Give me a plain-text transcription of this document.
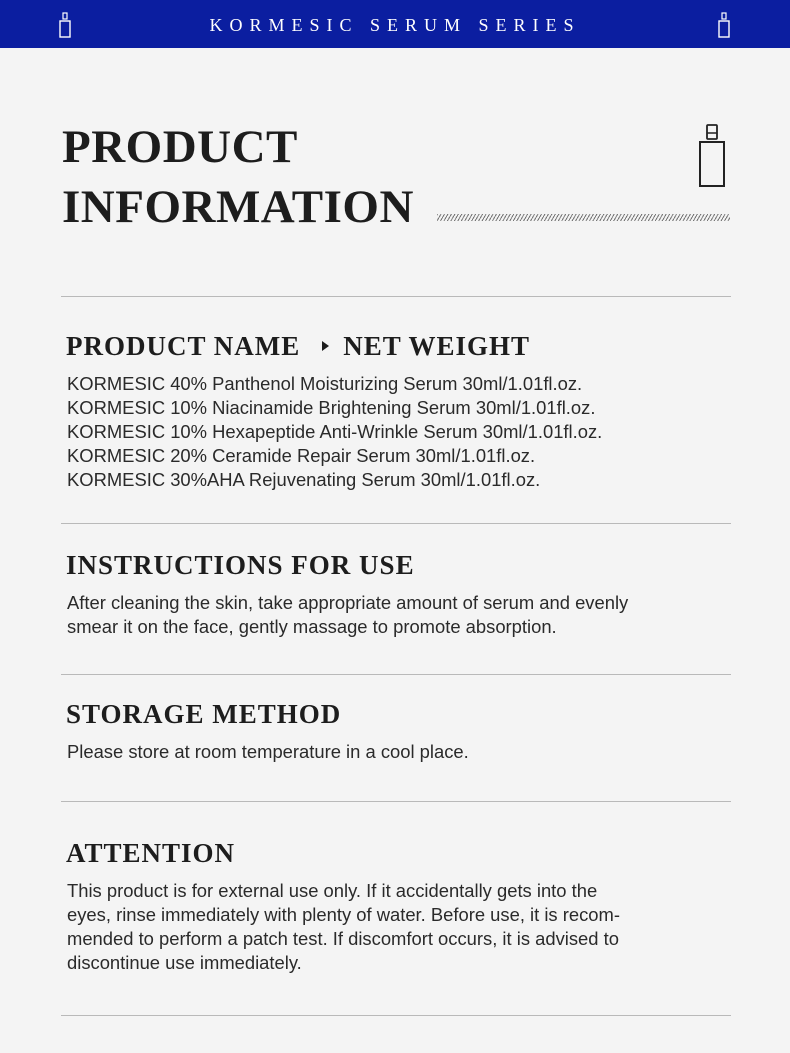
KORMESIC SERUM SERIES
PRODUCT
INFORMATION
PRODUCT NAME NET WEIGHT
KORMESIC 40% Panthenol Moisturizing Serum 30ml/1.01fl.oz.
KORMESIC 10% Niacinamide Brightening Serum 30ml/1.01fl.oz.
KORMESIC 10% Hexapeptide Anti-Wrinkle Serum 30ml/1.01fl.oz.
KORMESIC 20% Ceramide Repair Serum 30ml/1.01fl.oz.
KORMESIC 30%AHA Rejuvenating Serum 30ml/1.01fl.oz.
INSTRUCTIONS FOR USE
After cleaning the skin, take appropriate amount of serum and evenly
smear it on the face, gently massage to promote absorption.
STORAGE METHOD
Please store at room temperature in a cool place.
ATTENTION
This product is for external use only. If it accidentally gets into the
eyes, rinse immediately with plenty of water. Before use, it is recom-
mended to perform a patch test. If discomfort occurs, it is advised to
discontinue use immediately.
